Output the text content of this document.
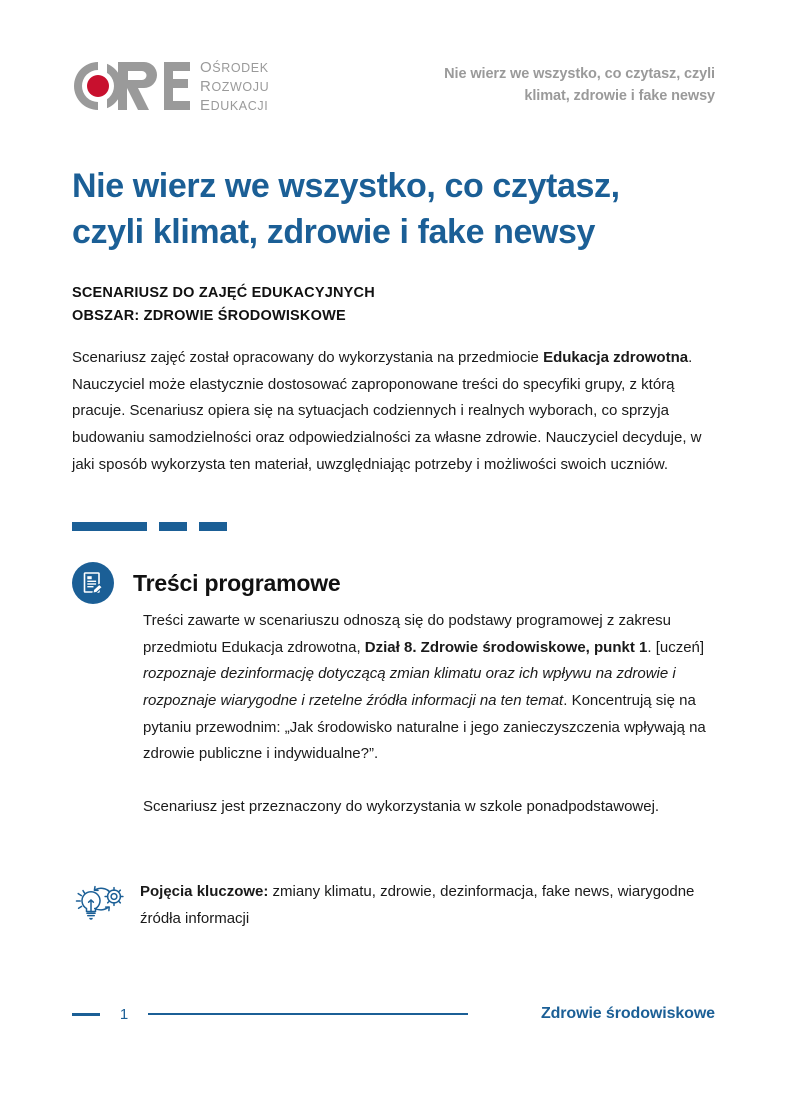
OŚRODEK
ROZWOJU
EDUKACJI
Nie wierz we wszystko, co czytasz, czyli
klimat, zdrowie i fake newsy
Nie wierz we wszystko, co czytasz,
czyli klimat, zdrowie i fake newsy
SCENARIUSZ DO ZAJĘĆ EDUKACYJNYCH
OBSZAR: ZDROWIE ŚRODOWISKOWE

Scenariusz zajęć został opracowany do wykorzystania na przedmiocie Edukacja zdrowotna. Nauczyciel może elastycznie dostosować zaproponowane treści do specyfiki grupy, z którą pracuje. Scenariusz opiera się na sytuacjach codziennych i realnych wyborach, co sprzyja budowaniu samodzielności oraz odpowiedzialności za własne zdrowie. Nauczyciel decyduje, w jaki sposób wykorzysta ten materiał, uwzględniając potrzeby i możliwości swoich uczniów.

Treści programowe

Treści zawarte w scenariuszu odnoszą się do podstawy programowej z zakresu przedmiotu Edukacja zdrowotna, Dział 8. Zdrowie środowiskowe, punkt 1. [uczeń] rozpoznaje dezinformację dotyczącą zmian klimatu oraz ich wpływu na zdrowie i rozpoznaje wiarygodne i rzetelne źródła informacji na ten temat. Koncentrują się na pytaniu przewodnim: „Jak środowisko naturalne i jego zanieczyszczenia wpływają na zdrowie publiczne i indywidualne?”.

Scenariusz jest przeznaczony do wykorzystania w szkole ponadpodstawowej.

Pojęcia kluczowe: zmiany klimatu, zdrowie, dezinformacja, fake news, wiarygodne źródła informacji
1	Zdrowie środowiskowe
